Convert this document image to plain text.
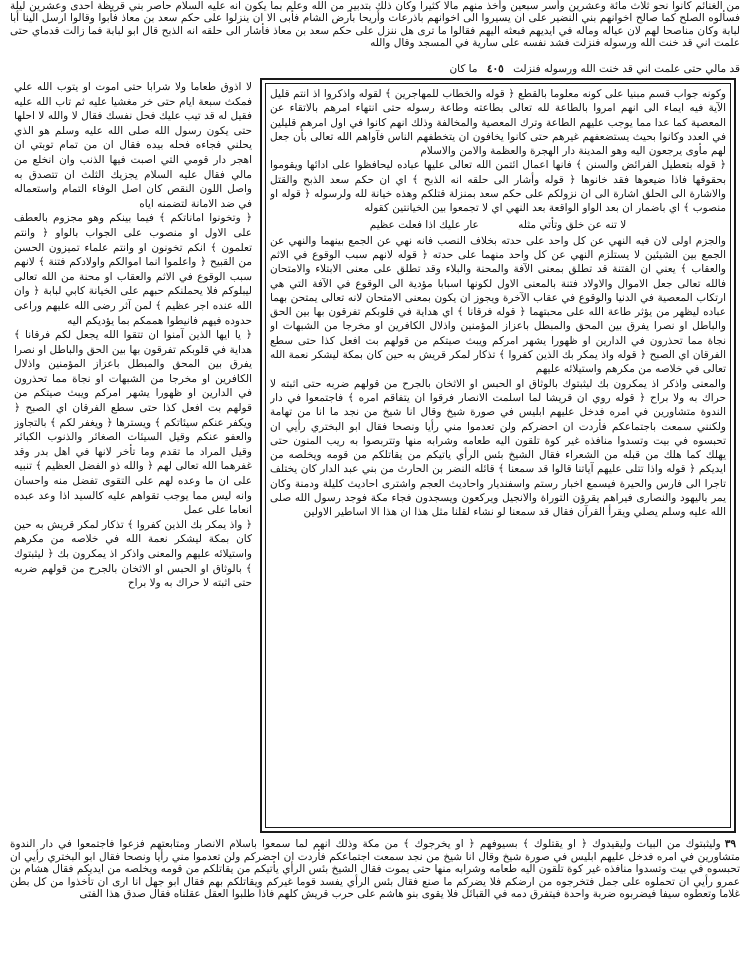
من الغنائم كانوا نحو ثلاث مائة وعشرين وأسر سبعين وأخذ منهم مالا كثيرا وكان ذلك بتدبير من الله وعلم بما يكون انه عليه السلام حاصر بني قريظة احدى وعشرين ليلة فسألوه الصلح كما صالح اخوانهم بني النضير على ان يسيروا الى اخوانهم باذرعات وأريحا بأرض الشام فأبى الا ان ينزلوا على حكم سعد بن معاذ فأبوا وقالوا ارسل الينا أبا لبابة وكان مناصحا لهم لان عياله وماله في ايديهم فبعثه اليهم فقالوا ما ترى هل ننزل على حكم سعد بن معاذ فأشار الى حلقه انه الذبح قال ابو لبابة فما زالت قدماي حتى علمت اني قد خنت الله ورسوله فنزلت فشد نفسه على سارية في المسجد وقال والله

قد مالي حتى علمت اني قد خنت الله ورسوله فنزلت ٤٠٥ ما كان

وكونه جواب قسم مبنيا على كونه معلوما بالقطع ﴿ قوله والخطاب للمهاجرين ﴾ لقوله واذكروا اذ انتم قليل الآية فيه ايماء الى انهم امروا بالطاعة لله تعالى بطاعته وطاعة رسوله حتى انتهاء امرهم بالاتقاء عن المعصية كما عدا مما يوجب عليهم الطاعة وترك المعصية والمخالفة وذلك انهم كانوا في اول امرهم قليلين في العدد وكانوا بحيث يستضعفهم غيرهم حتى كانوا يخافون ان يتخطفهم الناس فآواهم الله تعالى بأن جعل لهم مأوى يرجعون اليه وهو المدينة دار الهجرة والعظمة والامن والاسلام

﴿ قوله بتعطيل الفرائض والسنن ﴾ فانها اعمال ائتمن الله تعالى عليها عباده ليحافظوا على ادائها ويقوموا بحقوقها فاذا ضيعوها فقد خانوها ﴿ قوله وأشار الى حلقه انه الذبح ﴾ اي ان حكم سعد الذبح والقتل والاشارة الى الحلق اشارة الى ان نزولكم على حكم سعد بمنزلة قتلكم وهذه خيانة لله ولرسوله ﴿ قوله او منصوب ﴾ اي باضمار ان بعد الواو الواقعة بعد النهي اي لا تجمعوا بين الخيانتين كقوله

لا تنه عن خلق وتأتي مثله عار عليك اذا فعلت عظيم

والجزم اولى لان فيه النهي عن كل واحد على حدته بخلاف النصب فانه نهي عن الجمع بينهما والنهي عن الجمع بين الشيئين لا يستلزم النهي عن كل واحد منهما على حدته ﴿ قوله لانهم سبب الوقوع في الاثم والعقاب ﴾ يعني ان الفتنة قد تطلق بمعنى الآفة والمحنة والبلاء وقد تطلق على معنى الابتلاء والامتحان فالله تعالى جعل الاموال والاولاد فتنة بالمعنى الاول لكونها اسبابا مؤدية الى الوقوع في الآفة التي هي ارتكاب المعصية في الدنيا والوقوع في عقاب الآخرة ويجوز ان يكون بمعنى الامتحان لانه تعالى يمتحن بهما عباده ليظهر من يؤثر طاعة الله على محبتهما ﴿ قوله فرقانا ﴾ اي هداية في قلوبكم تفرقون بها بين الحق والباطل او نصرا يفرق بين المحق والمبطل باعزاز المؤمنين واذلال الكافرين او مخرجا من الشبهات او نجاة مما تحذرون في الدارين او ظهورا يشهر امركم ويبث صيتكم من قولهم بت افعل كذا حتى سطع الفرقان اي الصبح ﴿ قوله واذ يمكر بك الذين كفروا ﴾ تذكار لمكر قريش به حين كان بمكة ليشكر نعمة الله تعالى في خلاصه من مكرهم واستيلائه عليهم

والمعنى واذكر اذ يمكرون بك ليثبتوك بالوثاق او الحبس او الاثخان بالجرح من قولهم ضربه حتى اثبته لا حراك به ولا براح ﴿ قوله روي ان قريشا لما اسلمت الانصار فرقوا ان يتفاقم امره ﴾ فاجتمعوا في دار الندوة متشاورين في امره فدخل عليهم ابليس في صورة شيخ وقال انا شيخ من نجد ما انا من تهامة ولكنني سمعت باجتماعكم فأردت ان احضركم ولن تعدموا مني رأيا ونصحا فقال ابو البختري رأيي ان تحبسوه في بيت وتسدوا منافذه غير كوة تلقون اليه طعامه وشرابه منها وتتربصوا به ريب المنون حتى يهلك كما هلك من قبله من الشعراء فقال الشيخ بئس الرأي ياتيكم من يقاتلكم من قومه ويخلصه من ايديكم ﴿ قوله واذا تتلى عليهم آياتنا قالوا قد سمعنا ﴾ قائله النضر بن الحارث من بني عبد الدار كان يختلف تاجرا الى فارس والحيرة فيسمع اخبار رستم واسفنديار واحاديث العجم واشترى احاديث كليلة ودمنة وكان يمر باليهود والنصارى فيراهم يقرؤن التوراة والانجيل ويركعون ويسجدون فجاء مكة فوجد رسول الله صلى الله عليه وسلم يصلي ويقرأ القرآن فقال قد سمعنا لو نشاء لقلنا مثل هذا ان هذا الا اساطير الاولين

لا اذوق طعاما ولا شرابا حتى اموت او يتوب الله علي فمكث سبعة ايام حتى خر مغشيا عليه ثم تاب الله عليه فقيل له قد تيب عليك فحل نفسك فقال لا والله لا احلها حتى يكون رسول الله صلى الله عليه وسلم هو الذي يحلني فجاءه فحله بيده فقال ان من تمام توبتي ان اهجر دار قومي التي اصبت فيها الذنب وان انخلع من مالي فقال عليه السلام يجزيك الثلث ان تتصدق به واصل اللون النقص كان اصل الوفاء التمام واستعماله في ضد الامانة لتضمنه اياه

﴿ وتخونوا اماناتكم ﴾ فيما بينكم وهو مجزوم بالعطف على الاول او منصوب على الجواب بالواو ﴿ وانتم تعلمون ﴾ انكم تخونون او وانتم علماء تميزون الحسن من القبيح ﴿ واعلموا انما اموالكم واولادكم فتنة ﴾ لانهم سبب الوقوع في الاثم والعقاب او محنة من الله تعالى ليبلوكم فلا يحملنكم حبهم على الخيانة كابي لبابة ﴿ وان الله عنده اجر عظيم ﴾ لمن آثر رضى الله عليهم وراعى حدوده فيهم فانيطوا هممكم بما يؤديكم اليه

﴿ يا ايها الذين آمنوا ان تتقوا الله يجعل لكم فرقانا ﴾ هداية في قلوبكم تفرقون بها بين الحق والباطل او نصرا يفرق بين المحق والمبطل باعزاز المؤمنين واذلال الكافرين او مخرجا من الشبهات او نجاة مما تحذرون في الدارين او ظهورا يشهر امركم ويبث صيتكم من قولهم بت افعل كذا حتى سطع الفرقان اي الصبح ﴿ ويكفر عنكم سيئاتكم ﴾ ويسترها ﴿ ويغفر لكم ﴾ بالتجاوز والعفو عنكم وقيل السيئات الصغائر والذنوب الكبائر وقيل المراد ما تقدم وما تأخر لانها في اهل بدر وقد غفرهما الله تعالى لهم ﴿ والله ذو الفضل العظيم ﴾ تنبيه على ان ما وعده لهم على التقوى تفضل منه واحسان وانه ليس مما يوجب تقواهم عليه كالسيد اذا وعد عبده انعاما على عمل

﴿ واذ يمكر بك الذين كفروا ﴾ تذكار لمكر قريش به حين كان بمكة ليشكر نعمة الله في خلاصه من مكرهم واستيلائه عليهم والمعنى واذكر اذ يمكرون بك ﴿ ليثبتوك ﴾ بالوثاق او الحبس او الاثخان بالجرح من قولهم ضربه حتى اثبته لا حراك به ولا براح

٣٩وليثبتوك من البيات وليقيدوك ﴿ او يقتلوك ﴾ بسيوفهم ﴿ او يخرجوك ﴾ من مكة وذلك انهم لما سمعوا باسلام الانصار ومتابعتهم فزعوا فاجتمعوا في دار الندوة متشاورين في امره فدخل عليهم ابليس في صورة شيخ وقال انا شيخ من نجد سمعت اجتماعكم فأردت ان احضركم ولن تعدموا مني رأيا ونصحا فقال ابو البختري رأيي ان تحبسوه في بيت وتسدوا منافذه غير كوة تلقون اليه طعامه وشرابه منها حتى يموت فقال الشيخ بئس الرأي يأتيكم من يقاتلكم من قومه ويخلصه من ايديكم فقال هشام بن عمرو رأيي ان تحملوه على جمل فتخرجوه من ارضكم فلا يضركم ما صنع فقال بئس الرأي يفسد قوما غيركم ويقاتلكم بهم فقال ابو جهل انا ارى ان تأخذوا من كل بطن غلاما وتعطوه سيفا فيضربوه ضربة واحدة فيتفرق دمه في القبائل فلا يقوى بنو هاشم على حرب قريش كلهم فاذا طلبوا العقل عقلناه فقال صدق هذا الفتى
